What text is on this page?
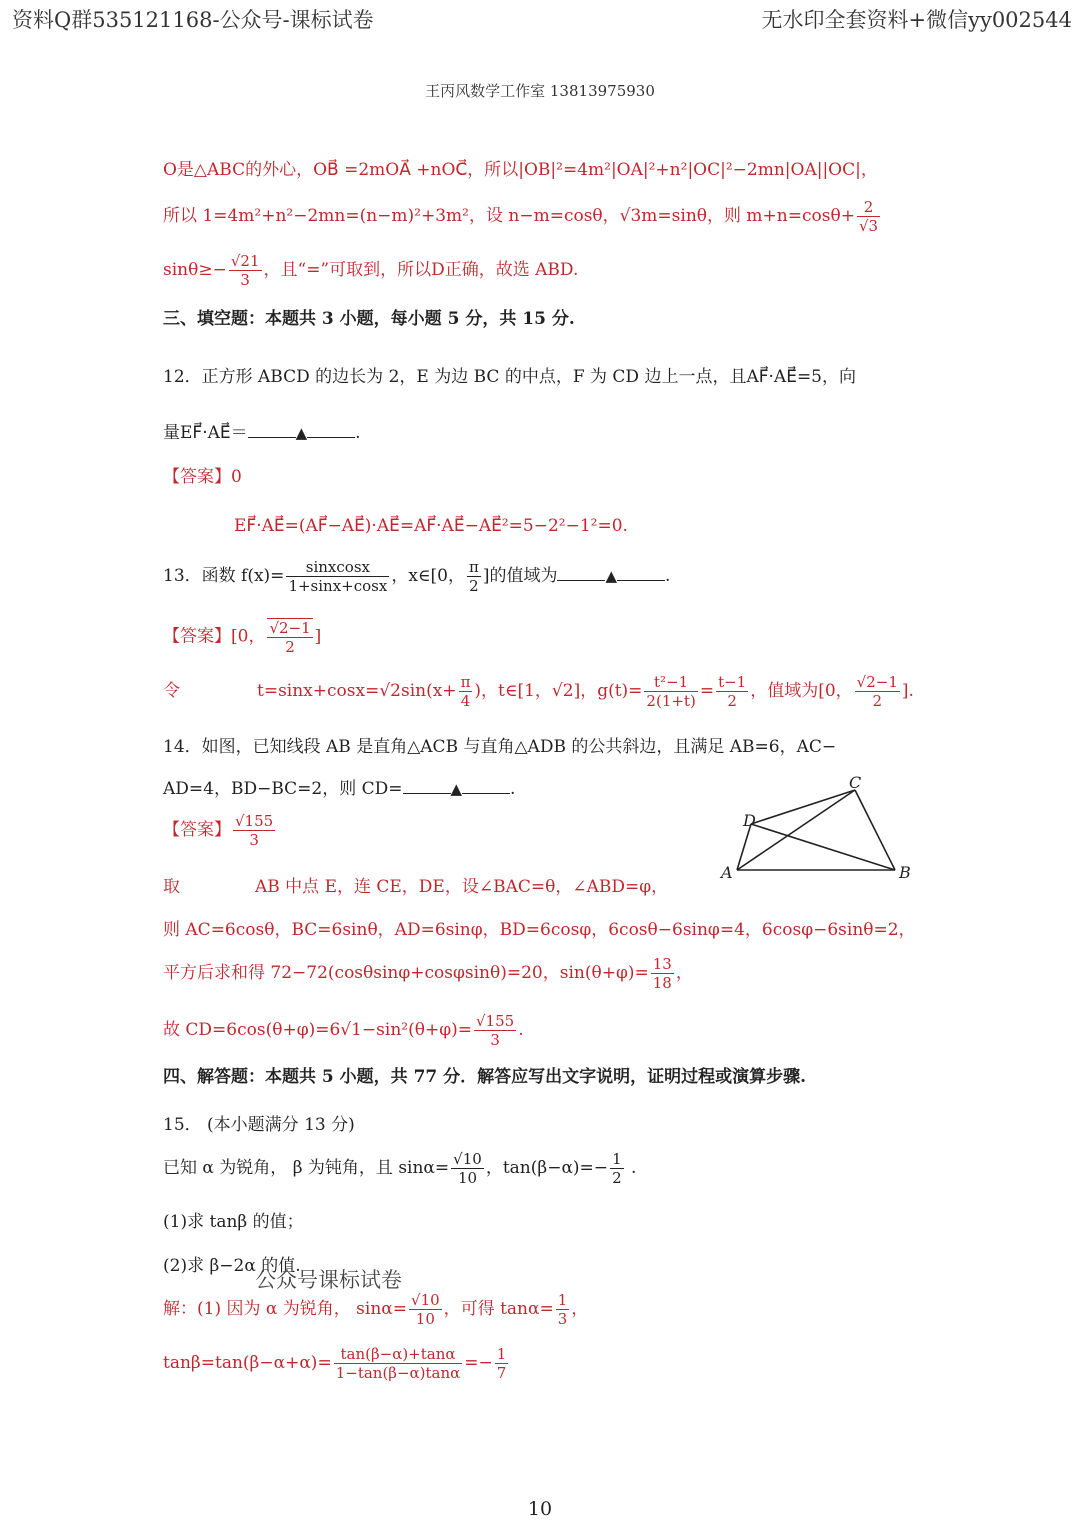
资料Q群535121168-公众号-课标试卷	无水印全套资料+微信yy002544
王丙风数学工作室 13813975930
O是△ABC的外心，OB⃗ =2mOA⃗ +nOC⃗，所以|OB|²=4m²|OA|²+n²|OC|²−2mn|OA||OC|，
所以 1=4m²+n²−2mn=(n−m)²+3m²，设 n−m=cosθ，√3m=sinθ，则 $m+n=\cos\theta+ \frac{2}{√3}$
$\sin\theta\ge- \frac{√21}{3}$ ，且“=”可取到，所以D正确，故选 ABD.
三、填空题：本题共 3 小题，每小题 5 分，共 15 分.
12．正方形 ABCD 的边长为 2，E 为边 BC 的中点，F 为 CD 边上一点，且AF⃗·AE⃗=5，向
量EF⃗·AE⃗＝	▲	.
【答案】0
EF⃗·AE⃗=(AF⃗−AE⃗)·AE⃗=AF⃗·AE⃗−AE⃗²=5−2²−1²=0.
13．函数 $f(x)= \frac{\text{sinxcosx}}{1+\sin x+\cos x}$ ，x∈[0， $\frac{\pi}{2}$ ]的值域为	▲	.
【答案】[0， $\frac{√2-1}{2}$ ]
令	$t=\sin x+\cos x=√2\sin(x+ \frac{\pi}{4}$ )，t∈[1，√2]，$g(t)= \frac{\text{t²−1}}{2(1+t)} = \frac{t-1}{2}$ ，值域为[0， $\frac{√2-1}{2}$ ].
14．如图，已知线段 AB 是直角△ACB 与直角△ADB 的公共斜边，且满足 AB=6，AC−
AD=4，BD−BC=2，则 CD=	▲	.
【答案】 $\frac{√155}{3}$
A	B
C
D
取	AB 中点 E，连 CE，DE，设∠BAC=θ，∠ABD=φ，
则 AC=6cosθ，BC=6sinθ，AD=6sinφ，BD=6cosφ，6cosθ−6sinφ=4，6cosφ−6sinθ=2，
平方后求和得 72−72(cosθsinφ+cosφsinθ)=20，$\sin(\theta+\varphi)= \frac{13}{18}$ ，
故 $CD=6\cos(\theta+\varphi)=6√1-\sin^2(\theta+\varphi)= \frac{√155}{3}$ .
四、解答题：本题共 5 小题，共 77 分．解答应写出文字说明，证明过程或演算步骤.
15． (本小题满分 13 分)
已知 α 为锐角， β 为钝角，且 $\sin\alpha= \frac{√10}{10}$ ，$\tan(\beta-\alpha)=- \frac{1}{2}$ .
(1)求 tanβ 的值；
(2)求 β−2α 的值.
公众号课标试卷
解：(1) 因为 α 为锐角， $\sin\alpha= \frac{√10}{10}$ ，可得 $\tan\alpha= \frac{1}{3}$ ，
$\tan\beta=\tan(\beta-\alpha+\alpha)= \frac{\tan(\beta-\alpha)+\tan\alpha}{1-\tan(\beta-\alpha)\tan\alpha} =- \frac{1}{7}$
10
